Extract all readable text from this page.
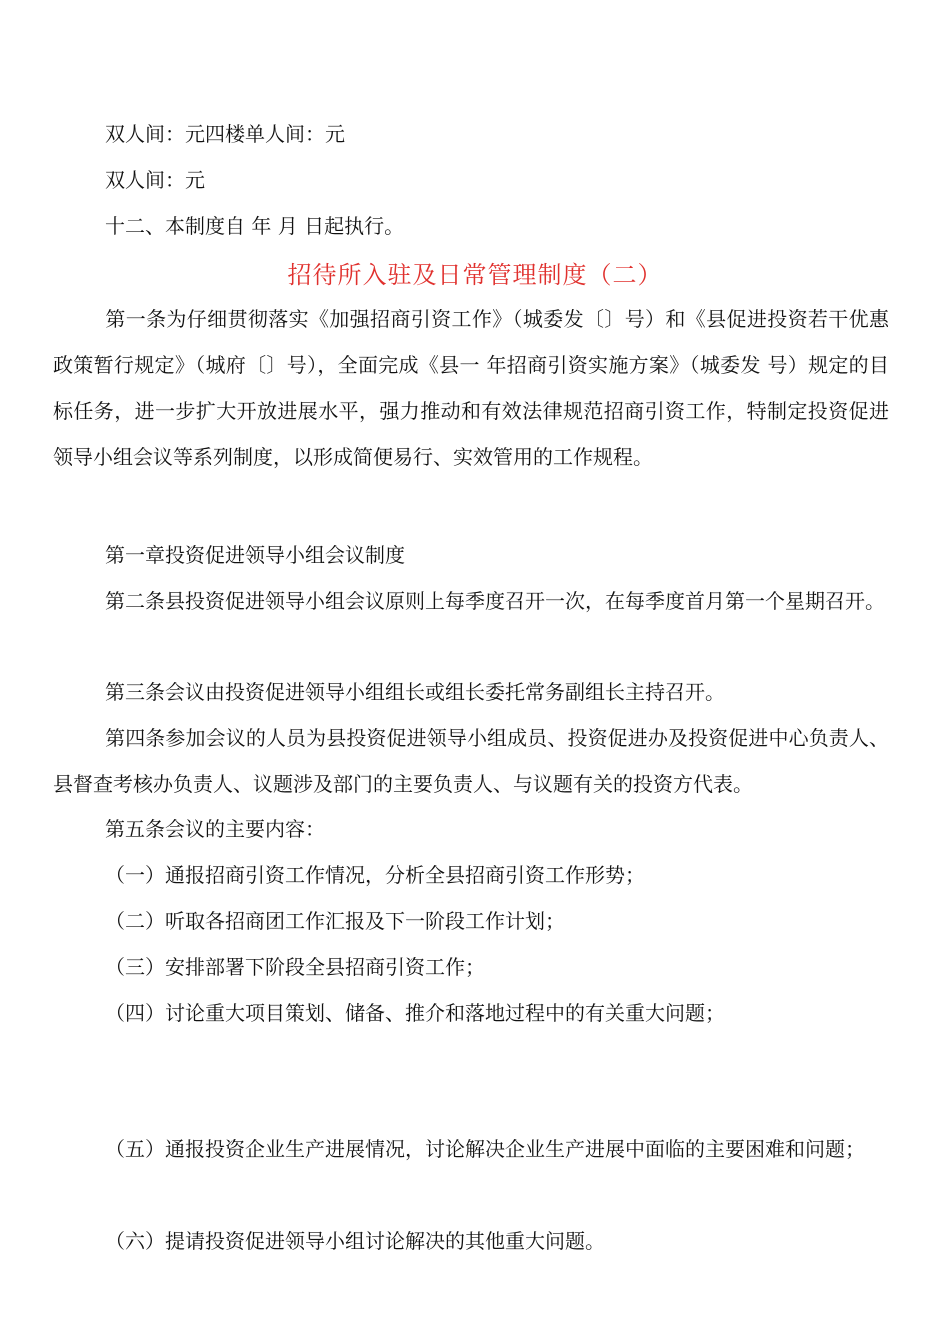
双人间：元四楼单人间：元
双人间：元
十二、本制度自 年 月 日起执行。
招待所入驻及日常管理制度（二）
第一条为仔细贯彻落实《加强招商引资工作》（城委发〔〕号）和《县促进投资若干优惠政策暂行规定》（城府〔〕号），全面完成《县一 年招商引资实施方案》（城委发 号）规定的目标任务，进一步扩大开放进展水平，强力推动和有效法律规范招商引资工作，特制定投资促进领导小组会议等系列制度，以形成简便易行、实效管用的工作规程。
第一章投资促进领导小组会议制度
第二条县投资促进领导小组会议原则上每季度召开一次，在每季度首月第一个星期召开。
第三条会议由投资促进领导小组组长或组长委托常务副组长主持召开。
第四条参加会议的人员为县投资促进领导小组成员、投资促进办及投资促进中心负责人、县督查考核办负责人、议题涉及部门的主要负责人、与议题有关的投资方代表。
第五条会议的主要内容：
（一）通报招商引资工作情况，分析全县招商引资工作形势；
（二）听取各招商团工作汇报及下一阶段工作计划；
（三）安排部署下阶段全县招商引资工作；
（四）讨论重大项目策划、储备、推介和落地过程中的有关重大问题；
（五）通报投资企业生产进展情况，讨论解决企业生产进展中面临的主要困难和问题；
（六）提请投资促进领导小组讨论解决的其他重大问题。
